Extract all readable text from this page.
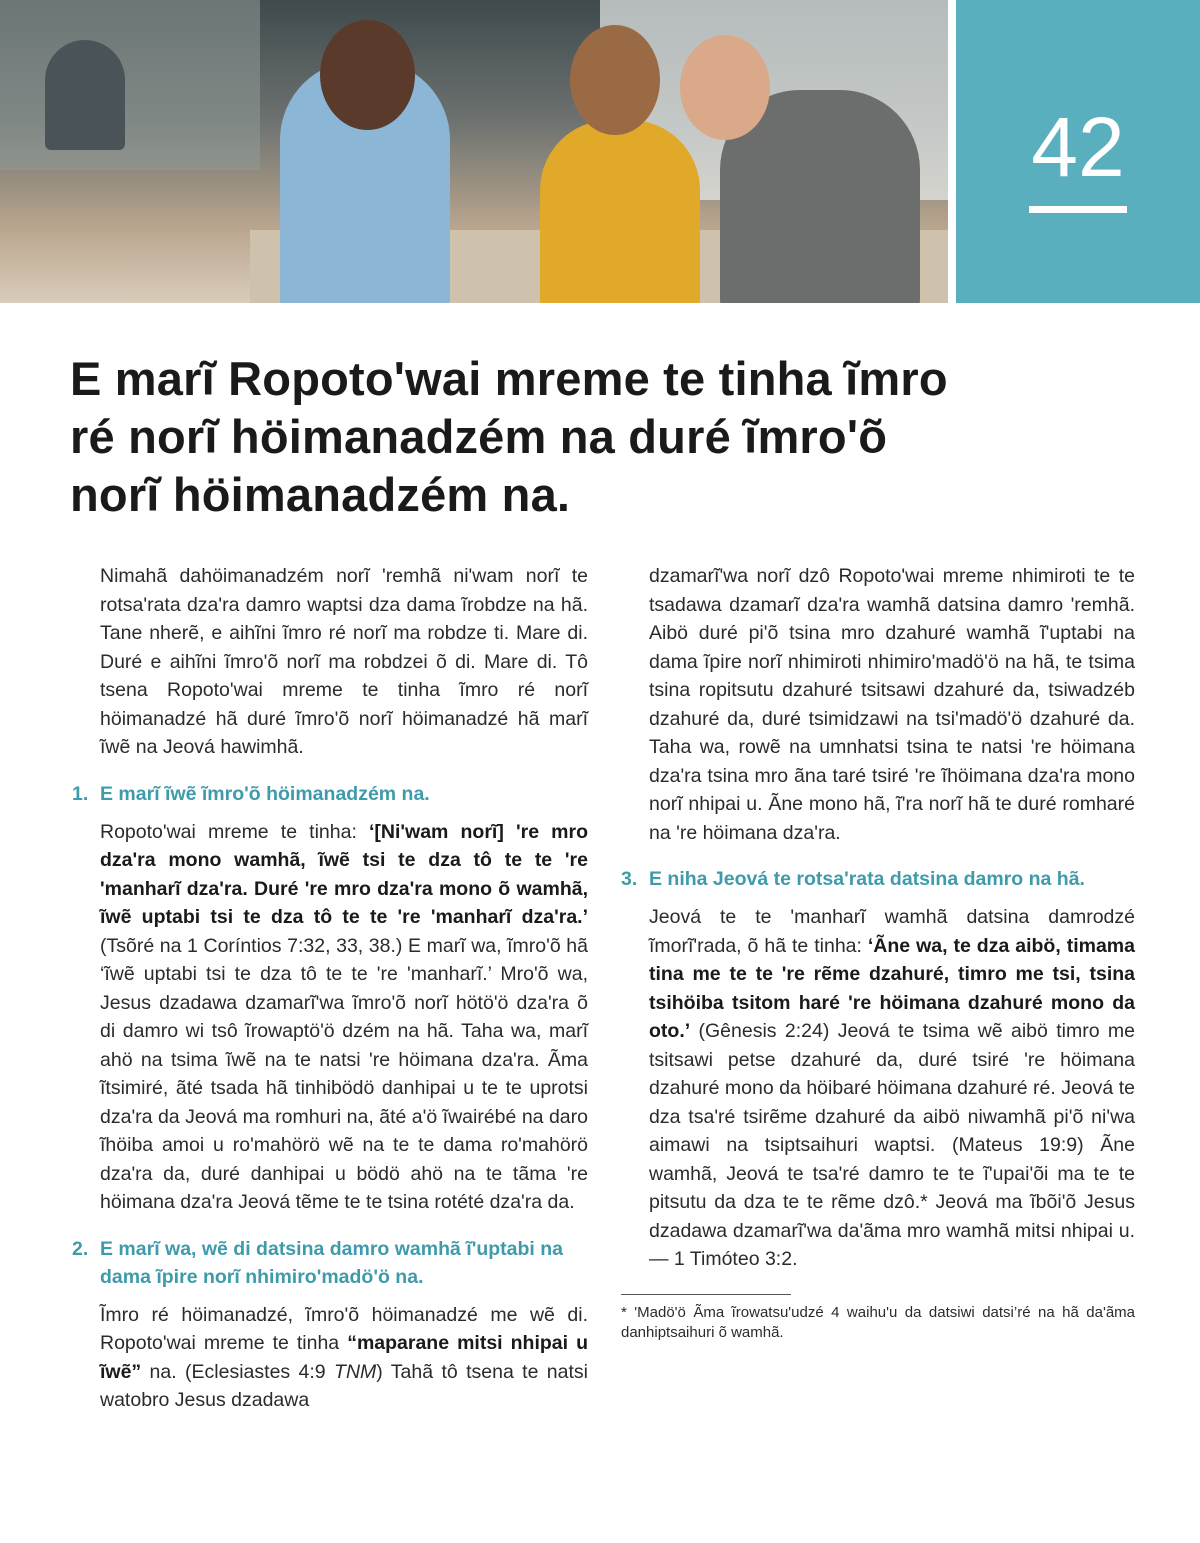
42
E marĩ Ropoto'wai mreme te tinha ĩmro ré norĩ höimanadzém na duré ĩmro'õ norĩ höimanadzém na.

Nimahã dahöimanadzém norĩ 'remhã ni'wam norĩ te rotsa'rata dza'ra damro waptsi dza dama ĩrobdze na hã. Tane nherẽ, e aihĩni ĩmro ré norĩ ma robdze ti. Mare di. Duré e aihĩni ĩmro'õ norĩ ma robdzei õ di. Mare di. Tô tsena Ropoto'wai mreme te tinha ĩmro ré norĩ höimanadzé hã duré ĩmro'õ norĩ höimanadzé hã marĩ ĩwẽ na Jeová hawimhã.

1. E marĩ ĩwẽ ĩmro'õ höimanadzém na.

Ropoto'wai mreme te tinha: ‘[Ni'wam norĩ] 're mro dza'ra mono wamhã, ĩwẽ tsi te dza tô te te 're 'manharĩ dza'ra. Duré 're mro dza'ra mono õ wamhã, ĩwẽ uptabi tsi te dza tô te te 're 'manharĩ dza'ra.’ (Tsõré na 1 Coríntios 7:32, 33, 38.) E marĩ wa, ĩmro'õ hã ‘ĩwẽ uptabi tsi te dza tô te te 're 'manharĩ.’ Mro'õ wa, Jesus dzadawa dzamarĩ'wa ĩmro'õ norĩ hötö'ö dza'ra õ di damro wi tsô ĩrowaptö'ö dzém na hã. Taha wa, marĩ ahö na tsima ĩwẽ na te natsi 're höimana dza'ra. Ãma ĩtsimiré, ãté tsada hã tinhibödö danhipai u te te uprotsi dza'ra da Jeová ma romhuri na, ãté a'ö ĩwairébé na daro ĩhöiba amoi u ro'mahörö wẽ na te te dama ro'mahörö dza'ra da, duré danhipai u bödö ahö na te tãma 're höimana dza'ra Jeová tẽme te te tsina rotété dza'ra da.

2. E marĩ wa, wẽ di datsina damro wamhã ĩ'uptabi na dama ĩpire norĩ nhimiro'madö'ö na.

Ĩmro ré höimanadzé, ĩmro'õ höimanadzé me wẽ di. Ropoto'wai mreme te tinha “maparane mitsi nhipai u ĩwẽ” na. (Eclesiastes 4:9 TNM) Tahã tô tsena te natsi watobro Jesus dzadawa

dzamarĩ'wa norĩ dzô Ropoto'wai mreme nhimiroti te te tsadawa dzamarĩ dza'ra wamhã datsina damro 'remhã. Aibö duré pi'õ tsina mro dzahuré wamhã ĩ'uptabi na dama ĩpire norĩ nhimiroti nhimiro'madö'ö na hã, te tsima tsina ropitsutu dzahuré tsitsawi dzahuré da, tsiwadzéb dzahuré da, duré tsimidzawi na tsi'madö'ö dzahuré da. Taha wa, rowẽ na umnhatsi tsina te natsi 're höimana dza'ra tsina mro ãna taré tsiré 're ĩhöimana dza'ra mono norĩ nhipai u. Ãne mono hã, ĩ'ra norĩ hã te duré romharé na 're höimana dza'ra.

3. E niha Jeová te rotsa'rata datsina damro na hã.

Jeová te te 'manharĩ wamhã datsina damrodzé ĩmorĩ'rada, õ hã te tinha: ‘Ãne wa, te dza aibö, timama tina me te te 're rẽme dzahuré, timro me tsi, tsina tsihöiba tsitom haré 're höimana dzahuré mono da oto.’ (Gênesis 2:24) Jeová te tsima wẽ aibö timro me tsitsawi petse dzahuré da, duré tsiré 're höimana dzahuré mono da höibaré höimana dzahuré ré. Jeová te dza tsa'ré tsirẽme dzahuré da aibö niwamhã pi'õ ni'wa aimawi na tsiptsaihuri waptsi. (Mateus 19:9) Ãne wamhã, Jeová te tsa'ré damro te te ĩ'upai'õi ma te te pitsutu da dza te te rẽme dzô.* Jeová ma ĩbõi'õ Jesus dzadawa dzamarĩ'wa da'ãma mro wamhã mitsi nhipai u. — 1 Timóteo 3:2.

* 'Madö'ö Ãma ĩrowatsu'udzé 4 waihu'u da datsiwi datsi’ré na hã da'ãma danhiptsaihuri õ wamhã.
